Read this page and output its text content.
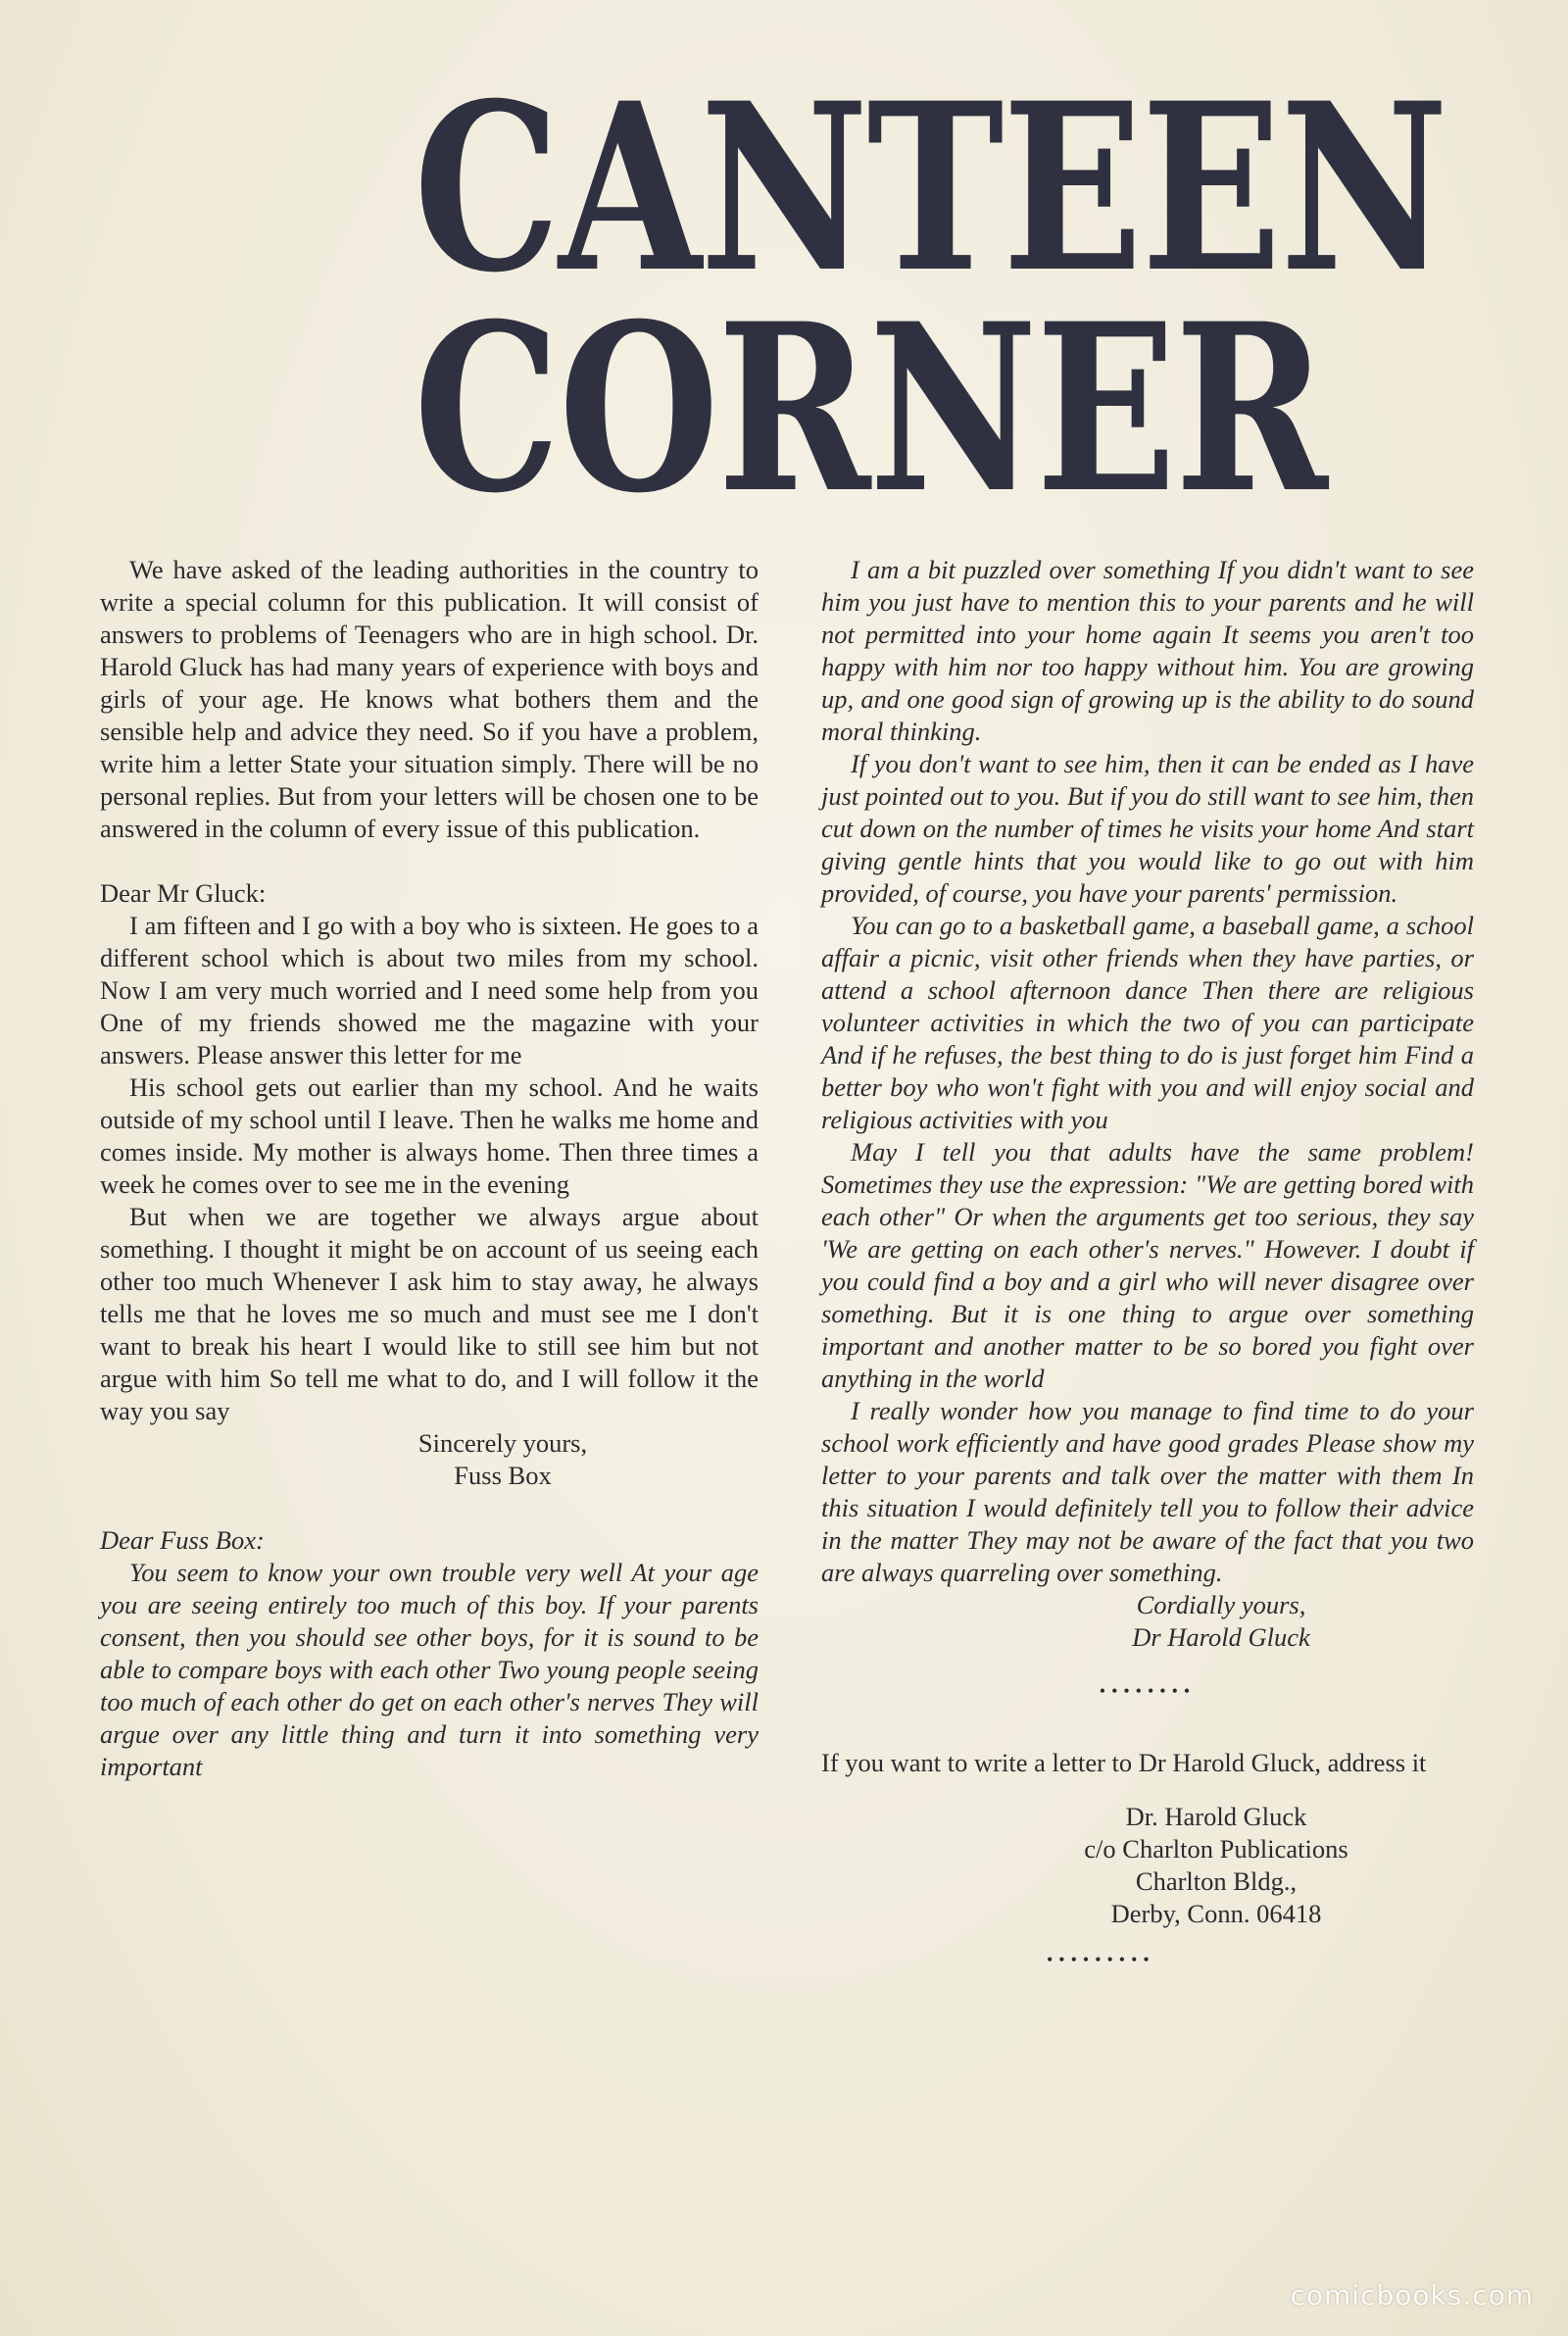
CANTEEN
CORNER

We have asked of the leading authorities in the country to write a special column for this publication. It will consist of answers to problems of Teenagers who are in high school. Dr. Harold Gluck has had many years of experience with boys and girls of your age. He knows what bothers them and the sensible help and advice they need. So if you have a problem, write him a letter State your situation simply. There will be no personal replies. But from your letters will be chosen one to be answered in the column of every issue of this publication.

Dear Mr Gluck:

I am fifteen and I go with a boy who is sixteen. He goes to a different school which is about two miles from my school. Now I am very much worried and I need some help from you One of my friends showed me the magazine with your answers. Please answer this letter for me

His school gets out earlier than my school. And he waits outside of my school until I leave. Then he walks me home and comes inside. My mother is always home. Then three times a week he comes over to see me in the evening

But when we are together we always argue about something. I thought it might be on account of us seeing each other too much Whenever I ask him to stay away, he always tells me that he loves me so much and must see me I don't want to break his heart I would like to still see him but not argue with him So tell me what to do, and I will follow it the way you say

Sincerely yours,

Fuss Box

Dear Fuss Box:

You seem to know your own trouble very well At your age you are seeing entirely too much of this boy. If your parents consent, then you should see other boys, for it is sound to be able to compare boys with each other Two young people seeing too much of each other do get on each other's nerves They will argue over any little thing and turn it into something very important

I am a bit puzzled over something If you didn't want to see him you just have to mention this to your parents and he will not permitted into your home again It seems you aren't too happy with him nor too happy without him. You are growing up, and one good sign of growing up is the ability to do sound moral thinking.

If you don't want to see him, then it can be ended as I have just pointed out to you. But if you do still want to see him, then cut down on the number of times he visits your home And start giving gentle hints that you would like to go out with him provided, of course, you have your parents' permission.

You can go to a basketball game, a baseball game, a school affair a picnic, visit other friends when they have parties, or attend a school afternoon dance Then there are religious volunteer activities in which the two of you can participate And if he refuses, the best thing to do is just forget him Find a better boy who won't fight with you and will enjoy social and religious activities with you

May I tell you that adults have the same problem! Sometimes they use the expression: "We are getting bored with each other" Or when the arguments get too serious, they say 'We are getting on each other's nerves." However. I doubt if you could find a boy and a girl who will never disagree over something. But it is one thing to argue over something important and another matter to be so bored you fight over anything in the world

I really wonder how you manage to find time to do your school work efficiently and have good grades Please show my letter to your parents and talk over the matter with them In this situation I would definitely tell you to follow their advice in the matter They may not be aware of the fact that you two are always quarreling over something.

Cordially yours,

Dr Harold Gluck

••••••••

If you want to write a letter to Dr Harold Gluck, address it

Dr. Harold Gluck
c/o Charlton Publications
Charlton Bldg.,
Derby, Conn. 06418
•••••••••
comicbooks.com
